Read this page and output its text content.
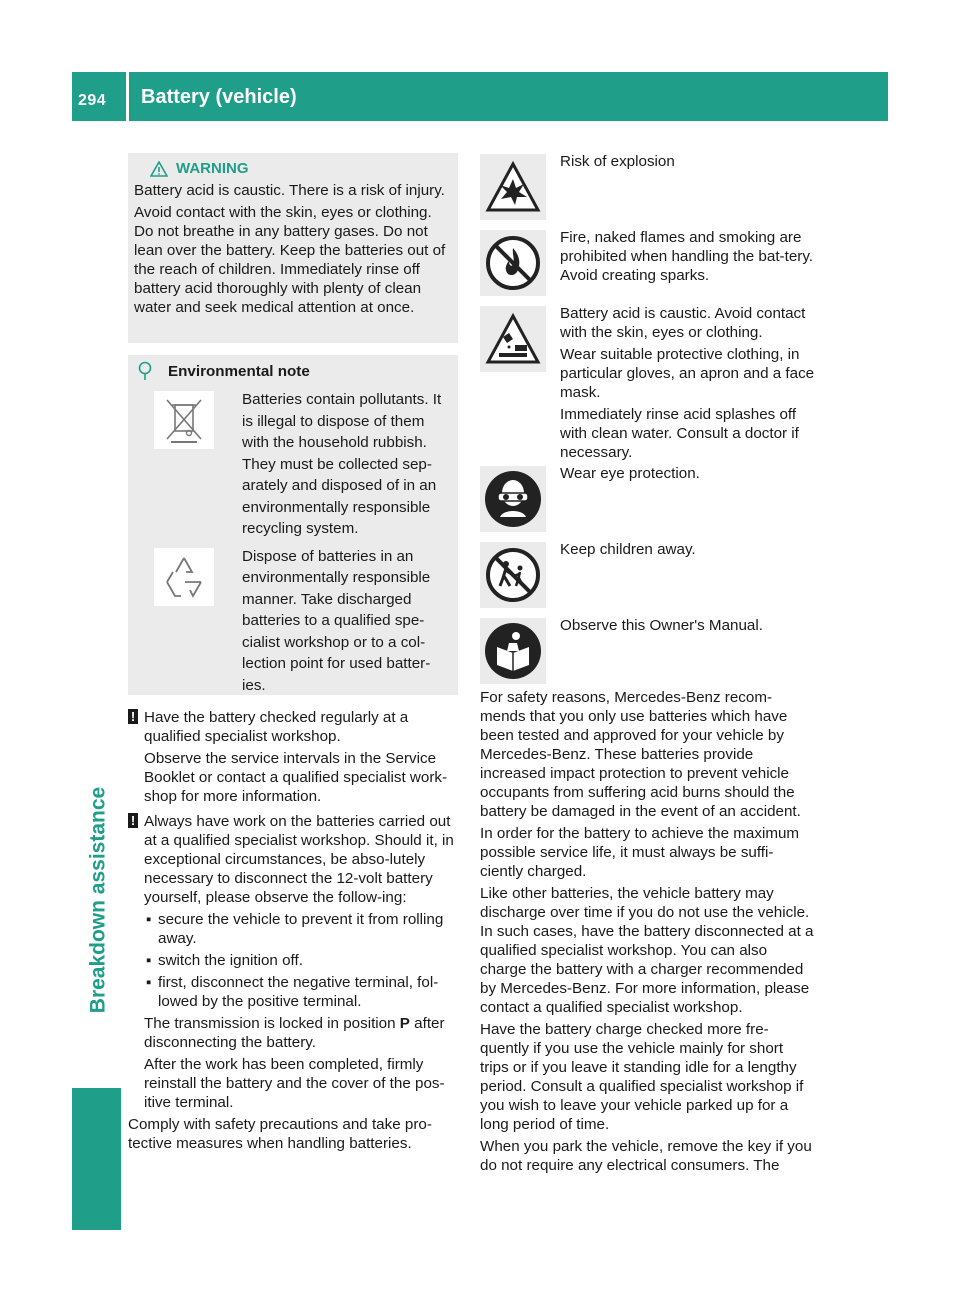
294 Battery (vehicle)
Breakdown assistance
WARNING

Battery acid is caustic. There is a risk of injury.

Avoid contact with the skin, eyes or clothing. Do not breathe in any battery gases. Do not lean over the battery. Keep the batteries out of the reach of children. Immediately rinse off battery acid thoroughly with plenty of clean water and seek medical attention at once.

Environmental note

Batteries contain pollutants. It is illegal to dispose of them with the household rubbish. They must be collected sep-arately and disposed of in an environmentally responsible recycling system.

Dispose of batteries in an environmentally responsible manner. Take discharged batteries to a qualified spe-cialist workshop or to a col-lection point for used batter-ies.

! Have the battery checked regularly at a qualified specialist workshop.

Observe the service intervals in the Service Booklet or contact a qualified specialist work-shop for more information.

! Always have work on the batteries carried out at a qualified specialist workshop. Should it, in exceptional circumstances, be abso-lutely necessary to disconnect the 12-volt battery yourself, please observe the follow-ing:

▪ secure the vehicle to prevent it from rolling away.
▪ switch the ignition off.
▪ first, disconnect the negative terminal, fol-lowed by the positive terminal.

The transmission is locked in position P after disconnecting the battery.

After the work has been completed, firmly reinstall the battery and the cover of the pos-itive terminal.

Comply with safety precautions and take pro-tective measures when handling batteries.

Risk of explosion

Fire, naked flames and smoking are prohibited when handling the bat-tery. Avoid creating sparks.

Battery acid is caustic. Avoid contact with the skin, eyes or clothing.

Wear suitable protective clothing, in particular gloves, an apron and a face mask.

Immediately rinse acid splashes off with clean water. Consult a doctor if necessary.

Wear eye protection.

Keep children away.

Observe this Owner's Manual.

For safety reasons, Mercedes-Benz recom-mends that you only use batteries which have been tested and approved for your vehicle by Mercedes-Benz. These batteries provide increased impact protection to prevent vehicle occupants from suffering acid burns should the battery be damaged in the event of an accident.

In order for the battery to achieve the maximum possible service life, it must always be suffi-ciently charged.

Like other batteries, the vehicle battery may discharge over time if you do not use the vehicle. In such cases, have the battery disconnected at a qualified specialist workshop. You can also charge the battery with a charger recommended by Mercedes-Benz. For more information, please contact a qualified specialist workshop.

Have the battery charge checked more fre-quently if you use the vehicle mainly for short trips or if you leave it standing idle for a lengthy period. Consult a qualified specialist workshop if you wish to leave your vehicle parked up for a long period of time.

When you park the vehicle, remove the key if you do not require any electrical consumers. The
